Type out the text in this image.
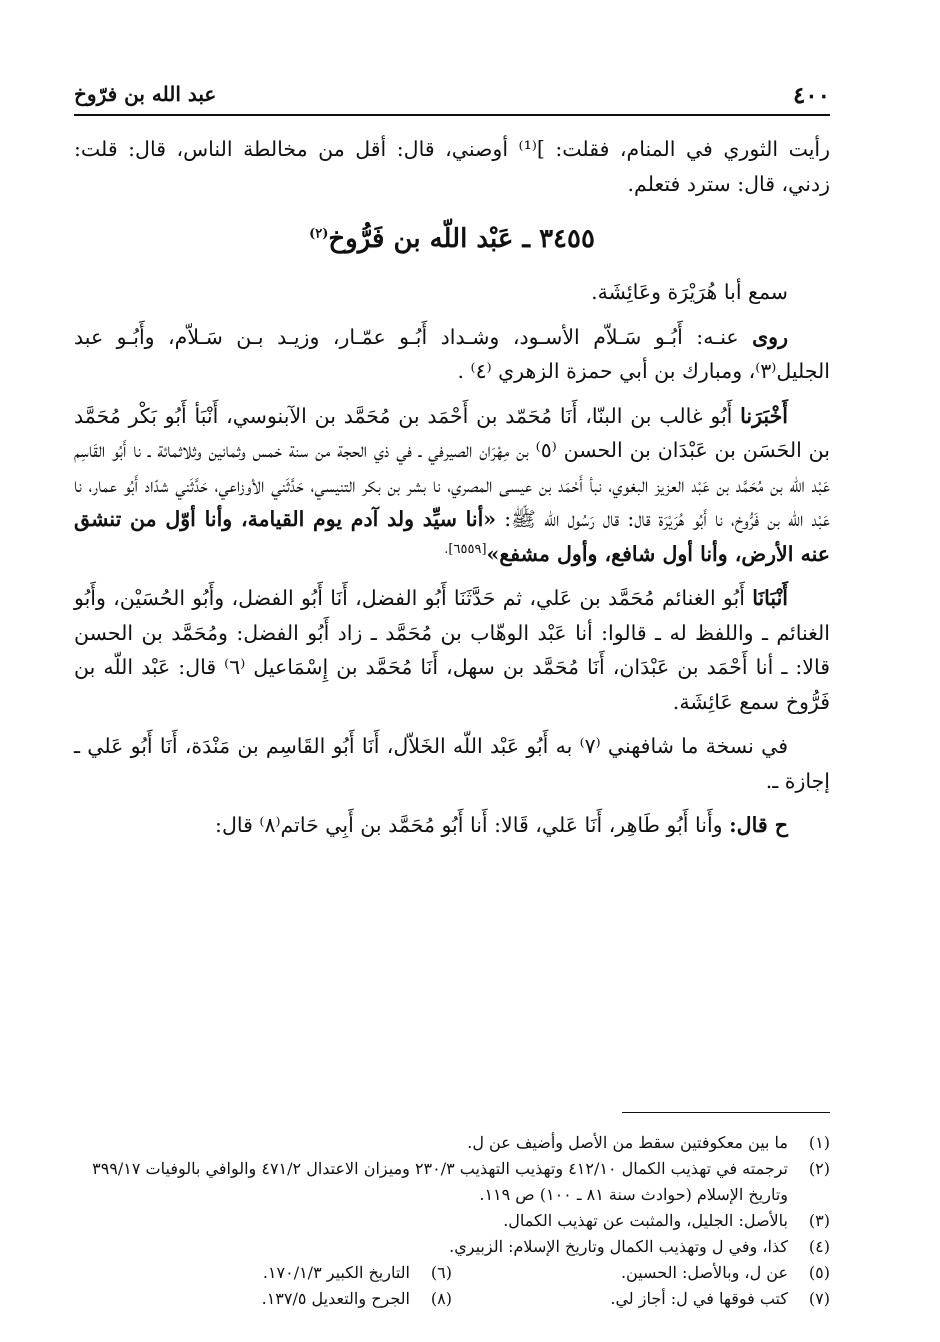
٤٠٠
عبد الله بن فرّوخ

رأيت الثوري في المنام، فقلت: ]⁽¹⁾ أوصني، قال: أقل من مخالطة الناس، قال: قلت: زدني، قال: سترد فتعلم.

٣٤٥٥ ـ عَبْد اللّه بن فَرُّوخ$^{(٢)}$

سمع أبا هُرَيْرَة وعَائِشَة.

روى عنـه: أَبُـو سَـلاّم الأسـود، وشـداد أَبُـو عمّـار، وزيـد بـن سَـلاّم، وأَبُـو عبد الجليل⁽٣⁾، ومبارك بن أبي حمزة الزهري ⁽٤⁾ .

أَخْبَرَنا أَبُو غالب بن البنّا، أَنَا مُحَمّد بن أَحْمَد بن مُحَمَّد بن الآبنوسي، أَنْبَأ أَبُو بَكْر مُحَمَّد بن الحَسَن بن عَبْدَان بن الحسن ⁽٥⁾ بن مِهْرَان الصيرفي ـ في ذي الحجة من سنة خمس وثمانين وثلاثمائة ـ نا أَبُو القَاسِم عَبْد اللّه بن مُحَمَّد بن عَبْد العزيز البغوي، نبأ أَحْمَد بن عيسى المصري، نا بشر بن بكر التنيسي، حَدَّثَني الأوزاعي، حَدَّثَني شدّاد أَبُو عمار، نا عَبْد اللّه بن فَرُّوخ، نا أَبُو هُرَيْرَة قال: قال رَسُول اللّه ﷺ: «أنا سيِّد ولد آدم يوم القيامة، وأنا أوّل من تنشق عنه الأرض، وأنا أول شافع، وأول مشفع»$^{[٦٥٥٩].}$

أَنْبَانَا أَبُو الغنائم مُحَمَّد بن عَلي، ثم حَدَّثَنَا أَبُو الفضل، أَنَا أَبُو الفضل، وأَبُو الحُسَيْن، وأَبُو الغنائم ـ واللفظ له ـ قالوا: أنا عَبْد الوهّاب بن مُحَمَّد ـ زاد أَبُو الفضل: ومُحَمَّد بن الحسن قالا: ـ أنا أَحْمَد بن عَبْدَان، أَنَا مُحَمَّد بن سهل، أَنَا مُحَمَّد بن إِسْمَاعيل ⁽٦⁾ قال: عَبْد اللّه بن فَرُّوخ سمع عَائِشَة.

في نسخة ما شافهني ⁽٧⁾ به أَبُو عَبْد اللّه الخَلاّل، أَنَا أَبُو القَاسِم بن مَنْدَة، أَنَا أَبُو عَلي ـ إجازة ـ.

ح قال: وأَنا أَبُو طَاهِر، أَنَا عَلي، قَالا: أَنا أَبُو مُحَمَّد بن أَبِي حَاتم⁽٨⁾ قال:

(١)
ما بين معكوفتين سقط من الأصل وأضيف عن ل.
(٢)
ترجمته في تهذيب الكمال ٤١٢/١٠ وتهذيب التهذيب ٢٣٠/٣ وميزان الاعتدال ٤٧١/٢ والوافي بالوفيات ٣٩٩/١٧ وتاريخ الإسلام (حوادث سنة ٨١ ـ ١٠٠) ص ١١٩.
(٣)
بالأصل: الجليل، والمثبت عن تهذيب الكمال.
(٤)
كذا، وفي ل وتهذيب الكمال وتاريخ الإسلام: الزبيري.
(٥)
عن ل، وبالأصل: الحسين.
(٦)
التاريخ الكبير ١٧٠/١/٣.
(٧)
كتب فوقها في ل: أجاز لي.
(٨)
الجرح والتعديل ١٣٧/٥.
